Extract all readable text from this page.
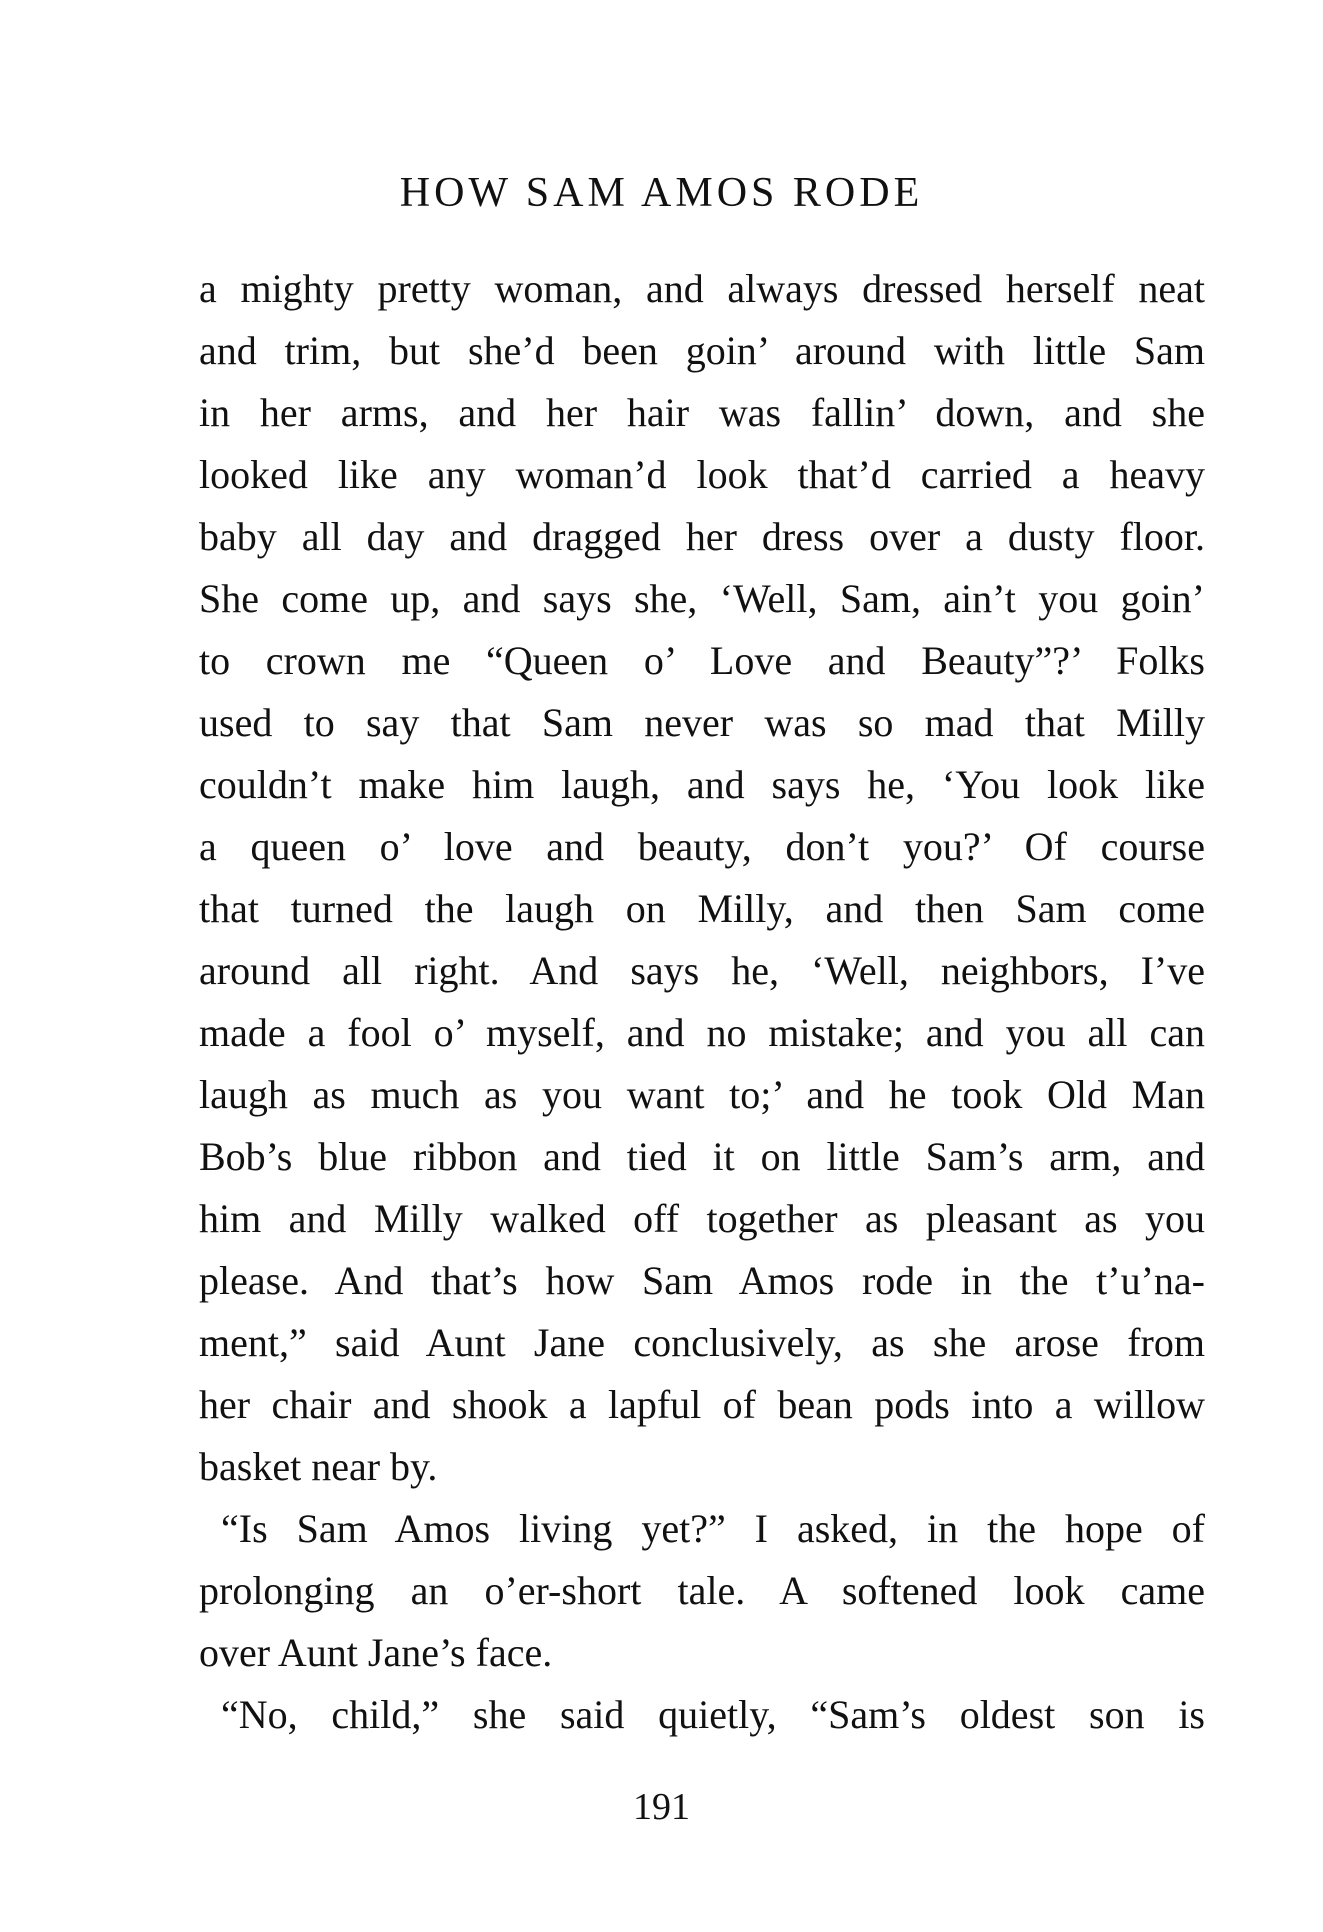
HOW SAM AMOS RODE
a mighty pretty woman, and always dressed herself neat
and trim, but she’d been goin’ around with little Sam
in her arms, and her hair was fallin’ down, and she
looked like any woman’d look that’d carried a heavy
baby all day and dragged her dress over a dusty floor.
She come up, and says she, ‘Well, Sam, ain’t you goin’
to crown me “Queen o’ Love and Beauty”?’ Folks
used to say that Sam never was so mad that Milly
couldn’t make him laugh, and says he, ‘You look like
a queen o’ love and beauty, don’t you?’ Of course
that turned the laugh on Milly, and then Sam come
around all right. And says he, ‘Well, neighbors, I’ve
made a fool o’ myself, and no mistake; and you all can
laugh as much as you want to;’ and he took Old Man
Bob’s blue ribbon and tied it on little Sam’s arm, and
him and Milly walked off together as pleasant as you
please. And that’s how Sam Amos rode in the t’u’na-
ment,” said Aunt Jane conclusively, as she arose from
her chair and shook a lapful of bean pods into a willow
basket near by.
“Is Sam Amos living yet?” I asked, in the hope of
prolonging an o’er-short tale. A softened look came
over Aunt Jane’s face.
“No, child,” she said quietly, “Sam’s oldest son is
191
